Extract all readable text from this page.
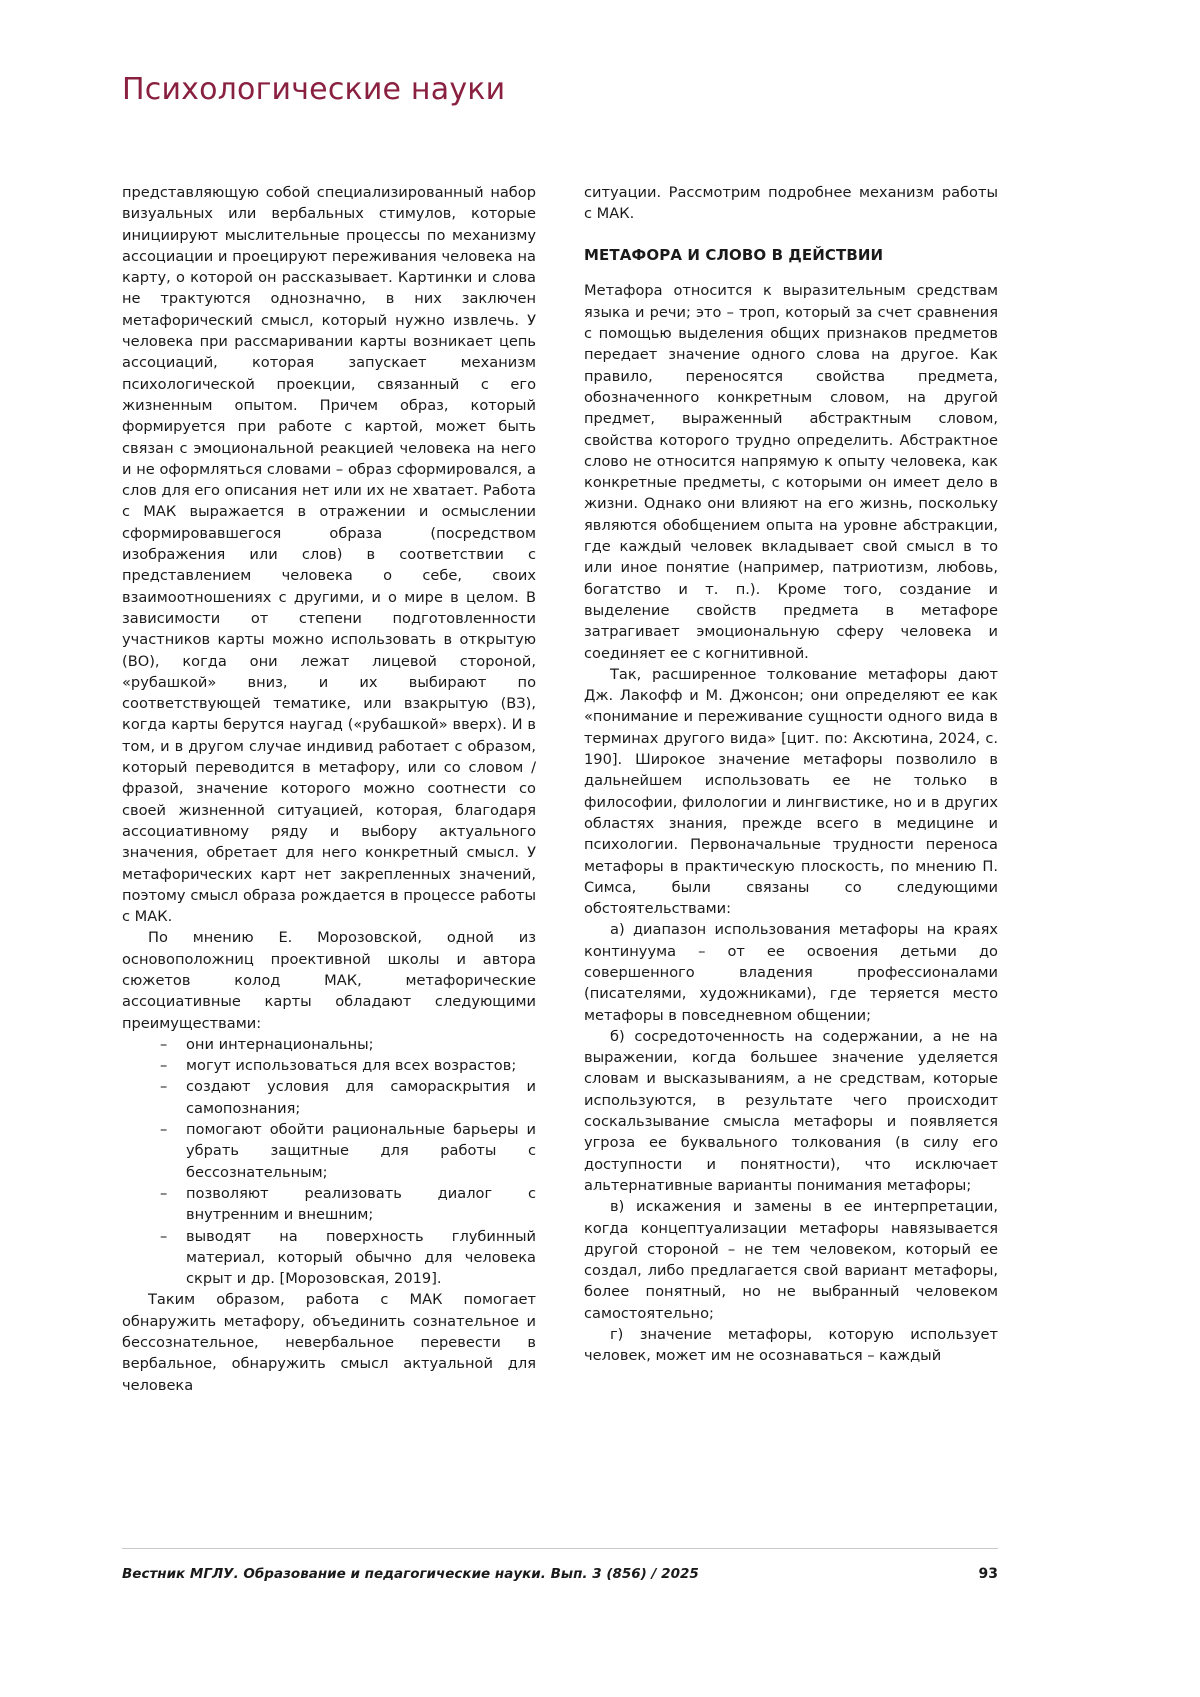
Психологические науки

представляющую собой специализированный набор визуальных или вербальных стимулов, которые инициируют мыслительные процессы по механизму ассоциации и проецируют переживания человека на карту, о которой он рассказывает. Картинки и слова не трактуются однозначно, в них заключен метафорический смысл, который нужно извлечь. У человека при рассмаривании карты возникает цепь ассоциаций, которая запускает механизм психологической проекции, связанный с его жизненным опытом. Причем образ, который формируется при работе с картой, может быть связан с эмоциональной реакцией человека на него и не оформляться словами – образ сформировался, а слов для его описания нет или их не хватает. Работа с МАК выражается в отражении и осмыслении сформировавшегося образа (посредством изображения или слов) в соответствии с представлением человека о себе, своих взаимоотношениях с другими, и о мире в целом. В зависимости от степени подготовленности участников карты можно использовать в открытую (ВО), когда они лежат лицевой стороной, «рубашкой» вниз, и их выбирают по соответствующей тематике, или взакрытую (ВЗ), когда карты берутся наугад («рубашкой» вверх). И в том, и в другом случае индивид работает с образом, который переводится в метафору, или со словом / фразой, значение которого можно соотнести со своей жизненной ситуацией, которая, благодаря ассоциативному ряду и выбору актуального значения, обретает для него конкретный смысл. У метафорических карт нет закрепленных значений, поэтому смысл образа рождается в процессе работы с МАК.

По мнению Е. Морозовской, одной из основоположниц проективной школы и автора сюжетов колод МАК, метафорические ассоциативные карты обладают следующими преимуществами:

– они интернациональны;
– могут использоваться для всех возрастов;
– создают условия для самораскрытия и самопознания;
– помогают обойти рациональные барьеры и убрать защитные для работы с бессознательным;
– позволяют реализовать диалог с внутренним и внешним;
– выводят на поверхность глубинный материал, который обычно для человека скрыт и др. [Морозовская, 2019].

Таким образом, работа с МАК помогает обнаружить метафору, объединить сознательное и бессознательное, невербальное перевести в вербальное, обнаружить смысл актуальной для человека

ситуации. Рассмотрим подробнее механизм работы с МАК.

МЕТАФОРА И СЛОВО В ДЕЙСТВИИ

Метафора относится к выразительным средствам языка и речи; это – троп, который за счет сравнения с помощью выделения общих признаков предметов передает значение одного слова на другое. Как правило, переносятся свойства предмета, обозначенного конкретным словом, на другой предмет, выраженный абстрактным словом, свойства которого трудно определить. Абстрактное слово не относится напрямую к опыту человека, как конкретные предметы, с которыми он имеет дело в жизни. Однако они влияют на его жизнь, поскольку являются обобщением опыта на уровне абстракции, где каждый человек вкладывает свой смысл в то или иное понятие (например, патриотизм, любовь, богатство и т. п.). Кроме того, создание и выделение свойств предмета в метафоре затрагивает эмоциональную сферу человека и соединяет ее с когнитивной.

Так, расширенное толкование метафоры дают Дж. Лакофф и М. Джонсон; они определяют ее как «понимание и переживание сущности одного вида в терминах другого вида» [цит. по: Аксютина, 2024, с. 190]. Широкое значение метафоры позволило в дальнейшем использовать ее не только в философии, филологии и лингвистике, но и в других областях знания, прежде всего в медицине и психологии. Первоначальные трудности переноса метафоры в практическую плоскость, по мнению П. Симса, были связаны со следующими обстоятельствами:

а) диапазон использования метафоры на краях континуума – от ее освоения детьми до совершенного владения профессионалами (писателями, художниками), где теряется место метафоры в повседневном общении;

б) сосредоточенность на содержании, а не на выражении, когда большее значение уделяется словам и высказываниям, а не средствам, которые используются, в результате чего происходит соскальзывание смысла метафоры и появляется угроза ее буквального толкования (в силу его доступности и понятности), что исключает альтернативные варианты понимания метафоры;

в) искажения и замены в ее интерпретации, когда концептуализации метафоры навязывается другой стороной – не тем человеком, который ее создал, либо предлагается свой вариант метафоры, более понятный, но не выбранный человеком самостоятельно;

г) значение метафоры, которую использует человек, может им не осознаваться – каждый

Вестник МГЛУ. Образование и педагогические науки. Вып. 3 (856) / 2025	93
